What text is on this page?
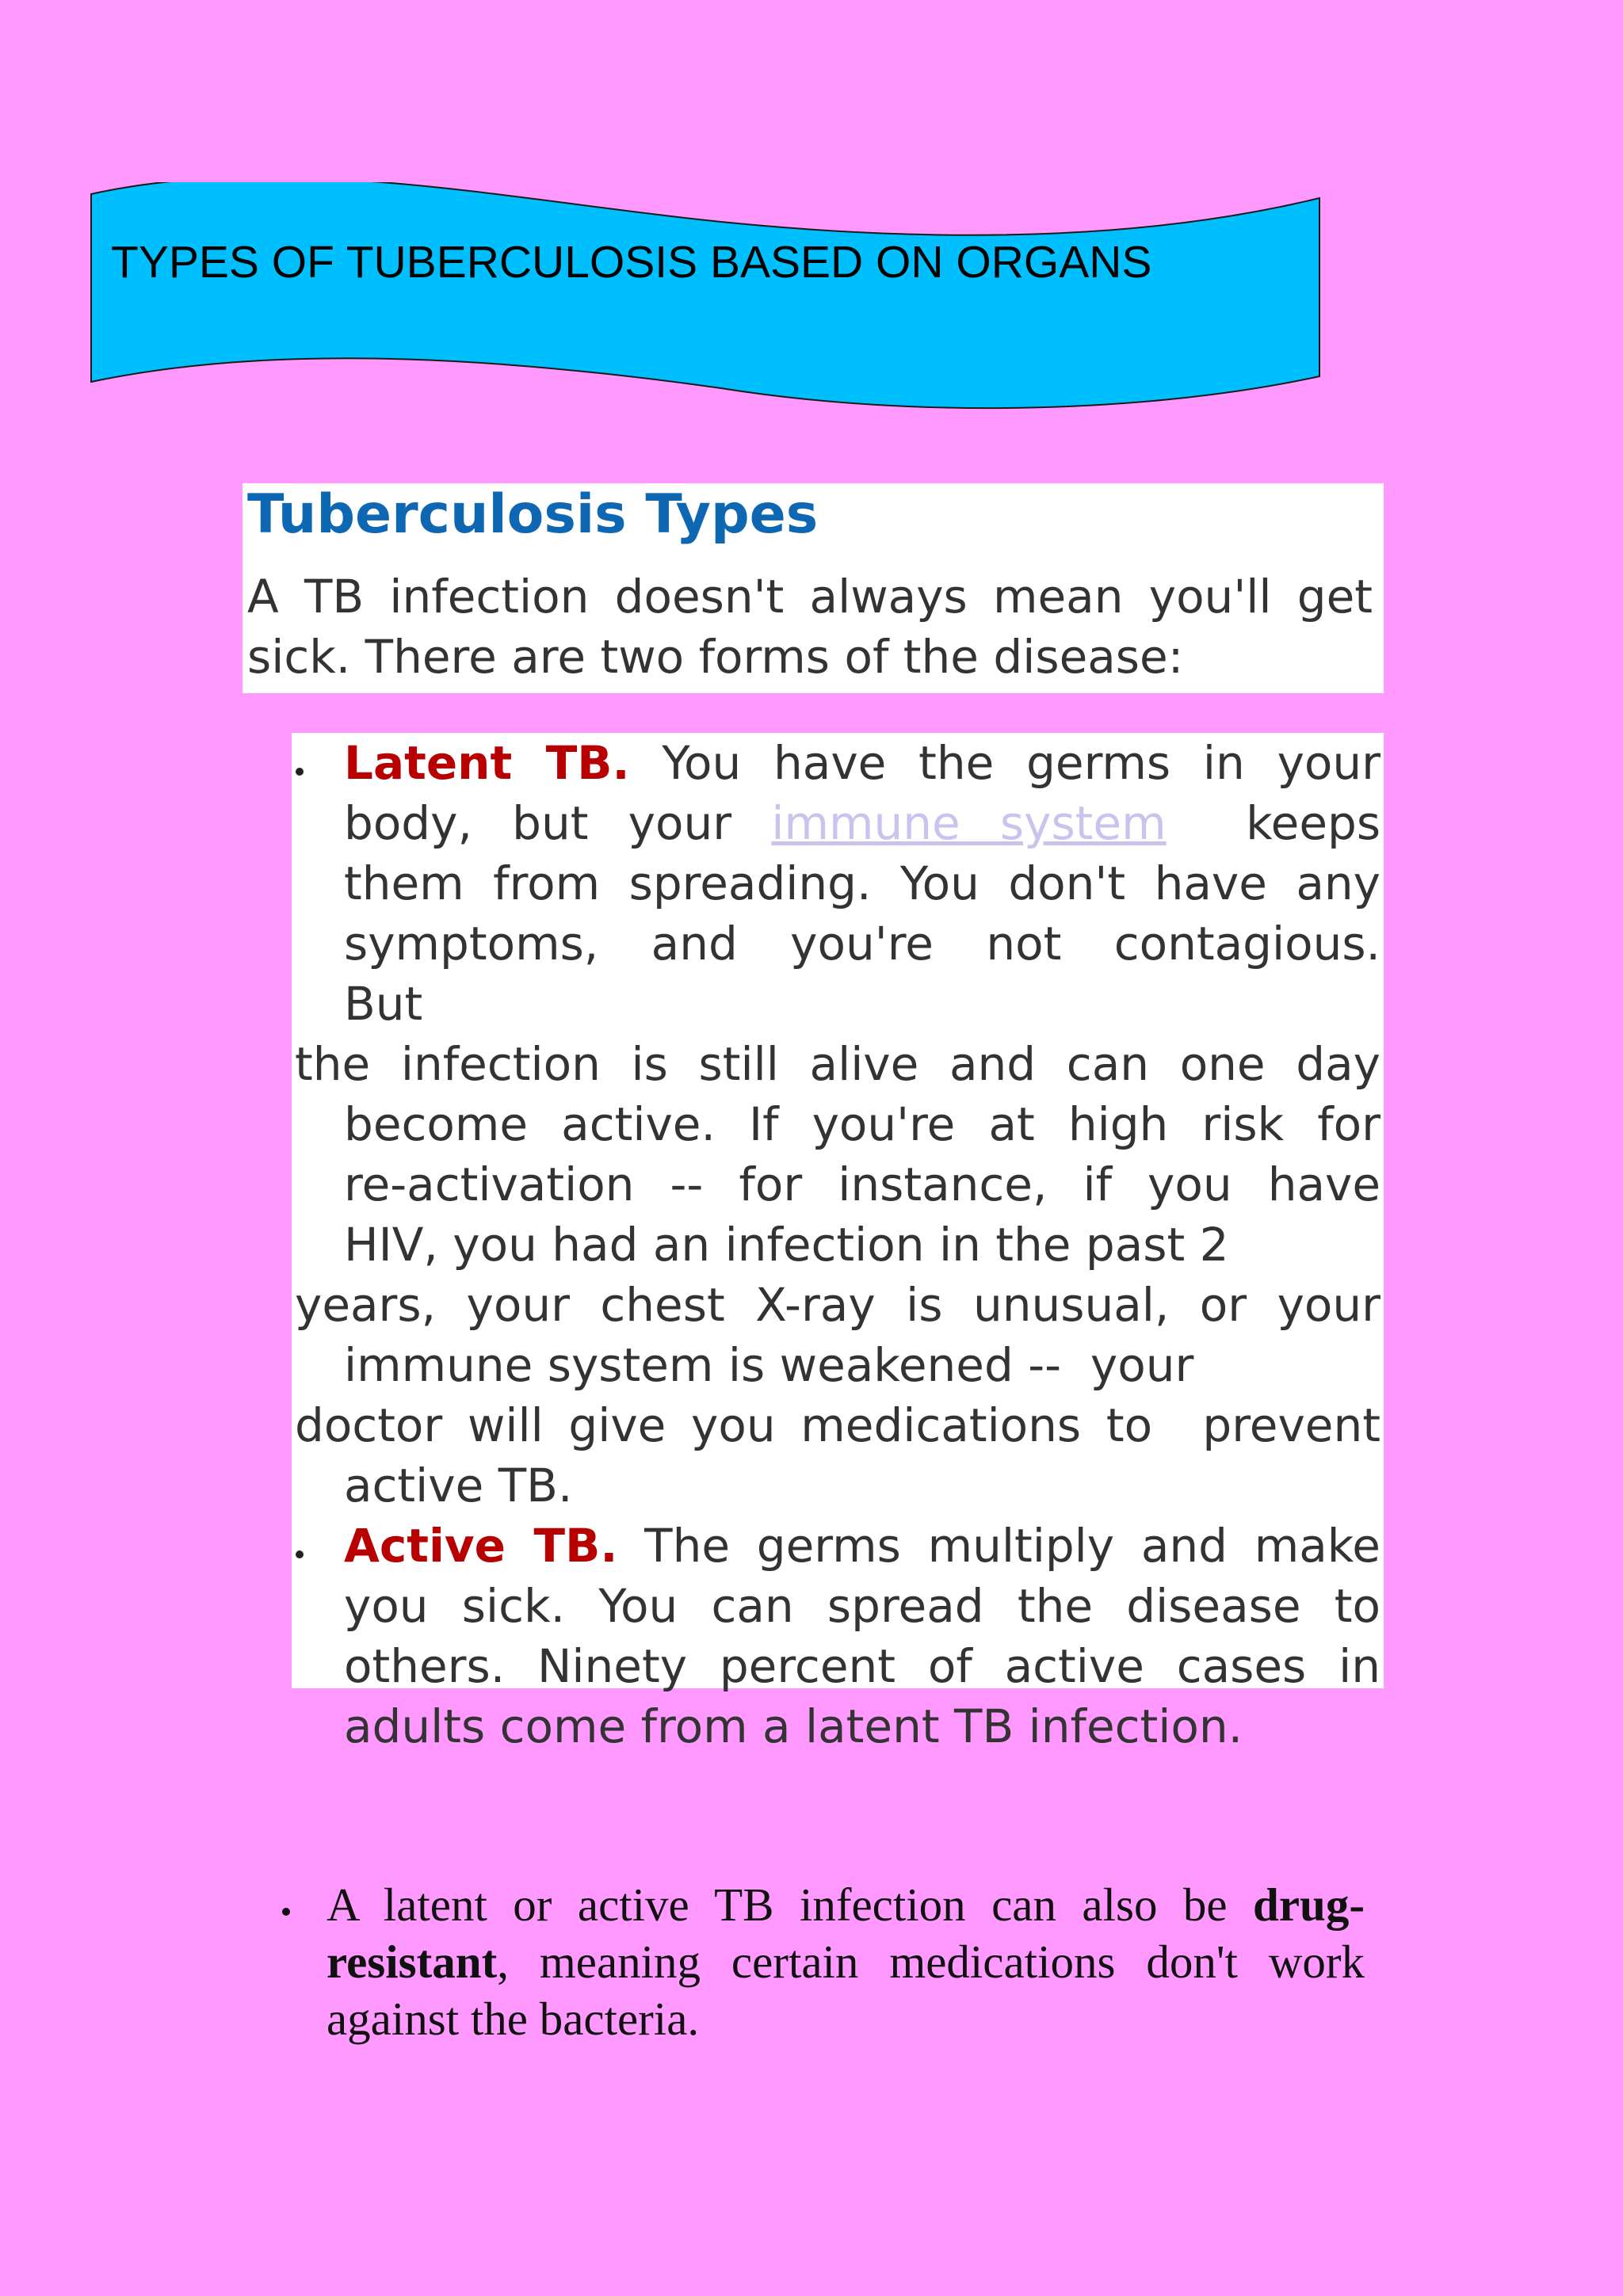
TYPES OF TUBERCULOSIS BASED ON ORGANS
Tuberculosis Types
A TB infection doesn't always mean you'll get
sick. There are two forms of the disease:
Latent TB. You have the germs in your
body, but your immune system keeps
them from spreading. You don't have any
symptoms, and you're not contagious.
But
the infection is still alive and can one day
become active. If you're at high risk for
re-activation -- for instance, if you have
HIV, you had an infection in the past 2
years, your chest X-ray is unusual, or your
immune system is weakened --  your
doctor will give you medications to  prevent
active TB.
Active TB. The germs multiply and make
you sick. You can spread the disease to
others. Ninety percent of active cases in
adults come from a latent TB infection.
A latent or active TB infection can also be drug-resistant, meaning certain medications don't work against the bacteria.
